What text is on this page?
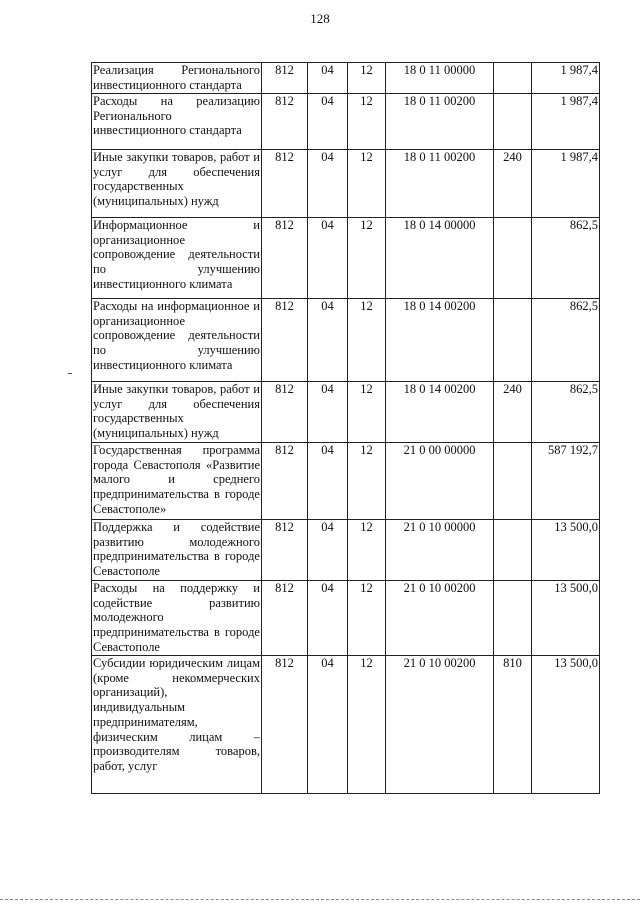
128
Реализация Регионального инвестиционного стандарта	812	04	12	18 0 11 00000		1 987,4
Расходы на реализацию Регионального инвестиционного стандарта	812	04	12	18 0 11 00200		1 987,4
Иные закупки товаров, работ и услуг для обеспечения государственных (муниципальных) нужд	812	04	12	18 0 11 00200	240	1 987,4
Информационное и организационное сопровождение деятельности по улучшению инвестиционного климата	812	04	12	18 0 14 00000		862,5
Расходы на информационное и организационное сопровождение деятельности по улучшению инвестиционного климата	812	04	12	18 0 14 00200		862,5
Иные закупки товаров, работ и услуг для обеспечения государственных (муниципальных) нужд	812	04	12	18 0 14 00200	240	862,5
Государственная программа города Севастополя «Развитие малого и среднего предпринимательства в городе Севастополе»	812	04	12	21 0 00 00000		587 192,7
Поддержка и содействие развитию молодежного предпринимательства в городе Севастополе	812	04	12	21 0 10 00000		13 500,0
Расходы на поддержку и содействие развитию молодежного предпринимательства в городе Севастополе	812	04	12	21 0 10 00200		13 500,0
Субсидии юридическим лицам (кроме некоммерческих организаций), индивидуальным предпринимателям, физическим лицам – производителям товаров, работ, услуг	812	04	12	21 0 10 00200	810	13 500,0
